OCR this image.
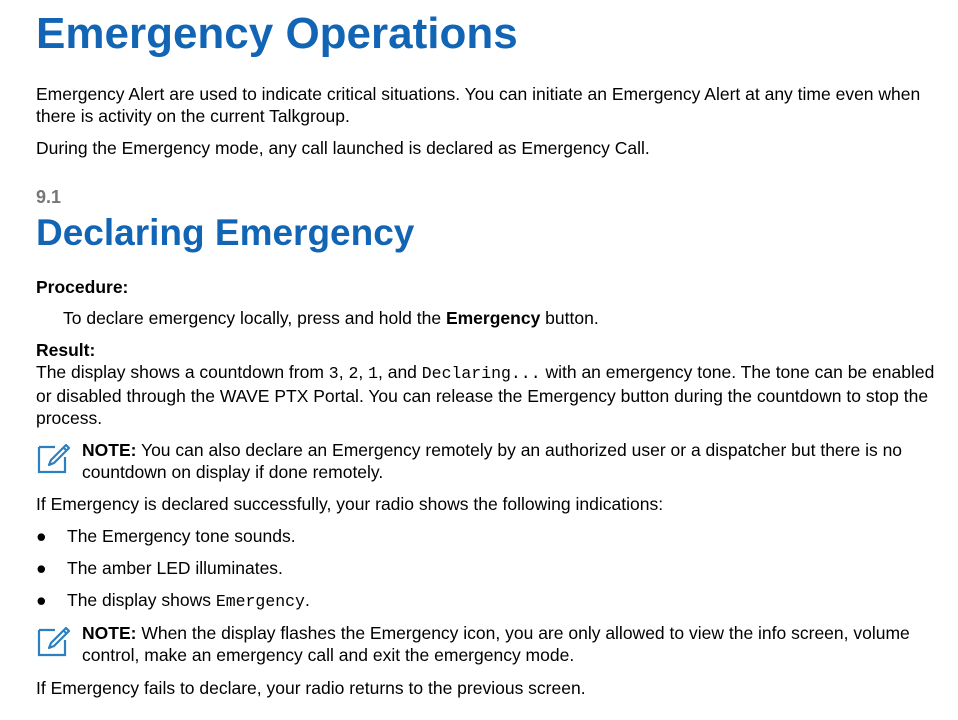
Emergency Operations

Emergency Alert are used to indicate critical situations. You can initiate an Emergency Alert at any time even when there is activity on the current Talkgroup.

During the Emergency mode, any call launched is declared as Emergency Call.

9.1
Declaring Emergency
Procedure:

To declare emergency locally, press and hold the Emergency button.

Result:

The display shows a countdown from 3, 2, 1, and Declaring... with an emergency tone. The tone can be enabled or disabled through the WAVE PTX Portal. You can release the Emergency button during the countdown to stop the process.

NOTE: You can also declare an Emergency remotely by an authorized user or a dispatcher but there is no countdown on display if done remotely.

If Emergency is declared successfully, your radio shows the following indications:

● The Emergency tone sounds.
● The amber LED illuminates.
● The display shows Emergency.

NOTE: When the display flashes the Emergency icon, you are only allowed to view the info screen, volume control, make an emergency call and exit the emergency mode.

If Emergency fails to declare, your radio returns to the previous screen.
